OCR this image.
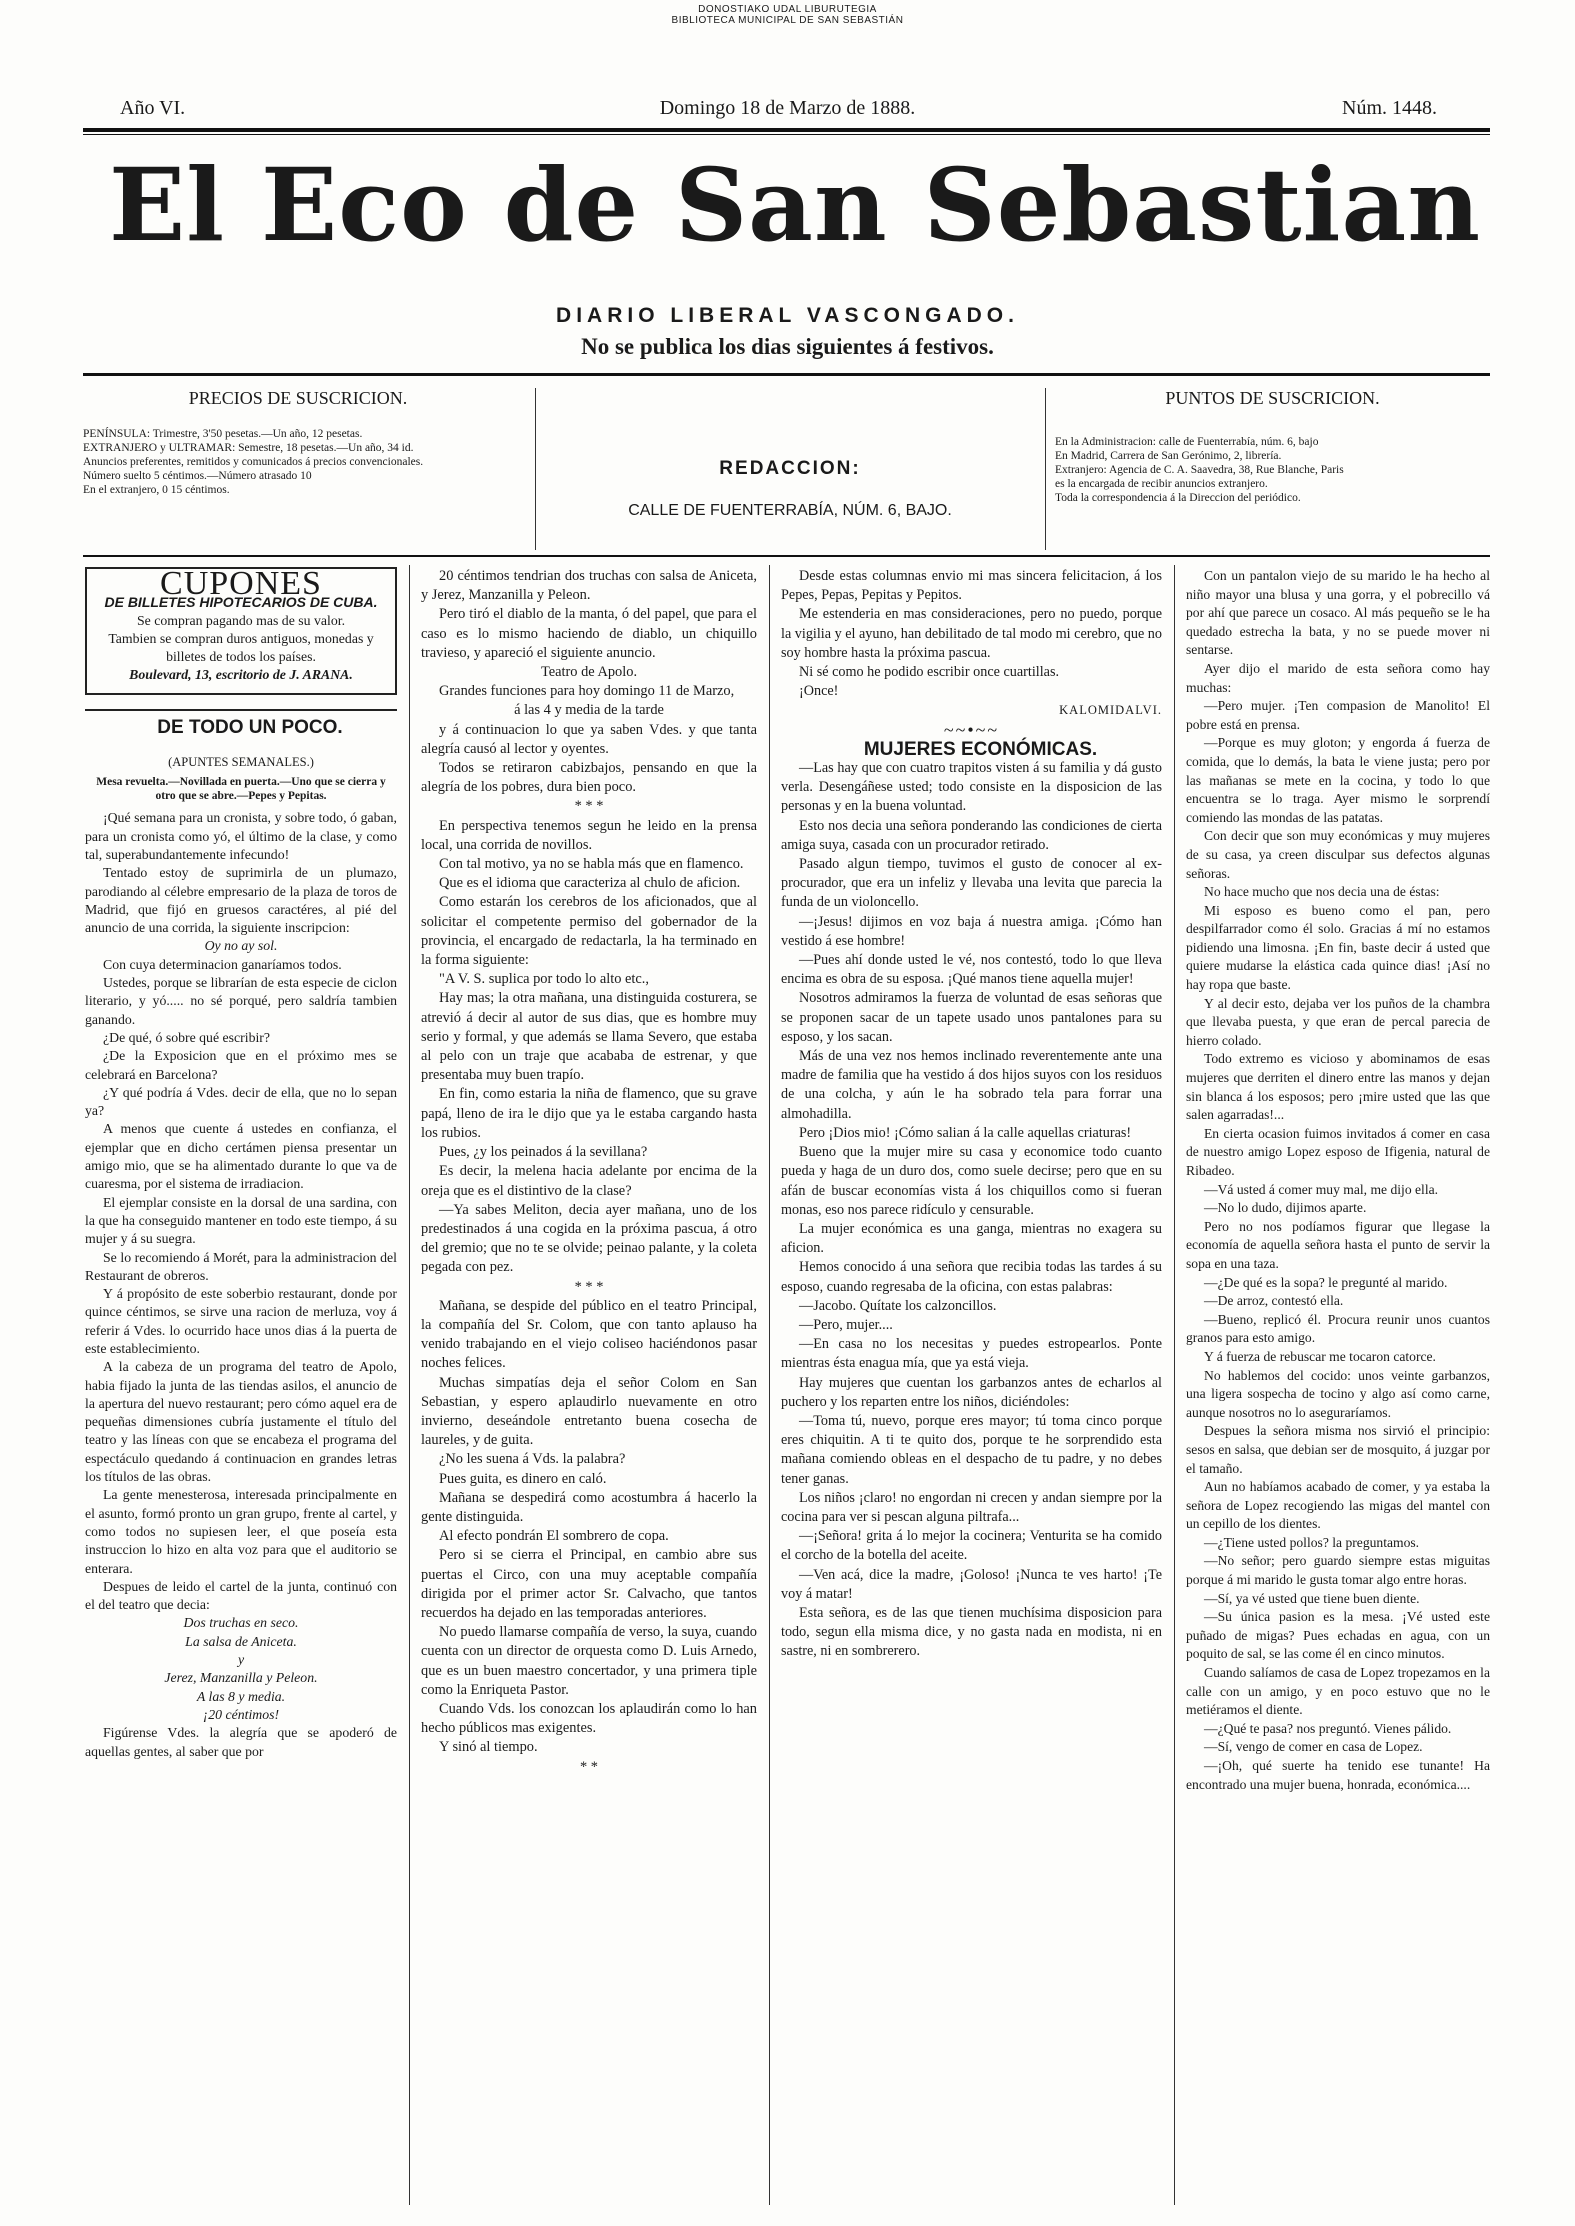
DONOSTIAKO UDAL LIBURUTEGIA
BIBLIOTECA MUNICIPAL DE SAN SEBASTIÁN
Año VI.	Domingo 18 de Marzo de 1888.	Núm. 1448.
El Eco de San Sebastian
DIARIO LIBERAL VASCONGADO.
No se publica los dias siguientes á festivos.
PRECIOS DE SUSCRICION.
PENÍNSULA: Trimestre, 3'50 pesetas.—Un año, 12 pesetas.
EXTRANJERO y ULTRAMAR: Semestre, 18 pesetas.—Un año, 34 id.
Anuncios preferentes, remitidos y comunicados á precios convencionales.
Número suelto 5 céntimos.—Número atrasado 10
En el extranjero, 0 15 céntimos.
REDACCION:
CALLE DE FUENTERRABÍA, NÚM. 6, BAJO.
PUNTOS DE SUSCRICION.
En la Administracion: calle de Fuenterrabía, núm. 6, bajo
En Madrid, Carrera de San Gerónimo, 2, librería.
Extranjero: Agencia de C. A. Saavedra, 38, Rue Blanche, Paris
es la encargada de recibir anuncios extranjero.
Toda la correspondencia á la Direccion del periódico.
CUPONES
DE BILLETES HIPOTECARIOS DE CUBA.

Se compran pagando mas de su valor.

Tambien se compran duros antiguos, monedas y billetes de todos los países.

Boulevard, 13, escritorio de J. ARANA.

DE TODO UN POCO.

(APUNTES SEMANALES.)

Mesa revuelta.—Novillada en puerta.—Uno que se cierra y otro que se abre.—Pepes y Pepitas.

¡Qué semana para un cronista, y sobre todo, ó gaban, para un cronista como yó, el último de la clase, y como tal, superabundantemente infecundo!

Tentado estoy de suprimirla de un plumazo, parodiando al célebre empresario de la plaza de toros de Madrid, que fijó en gruesos caractéres, al pié del anuncio de una corrida, la siguiente inscripcion:

Oy no ay sol.

Con cuya determinacion ganaríamos todos.

Ustedes, porque se librarían de esta especie de ciclon literario, y yó..... no sé porqué, pero saldría tambien ganando.

¿De qué, ó sobre qué escribir?

¿De la Exposicion que en el próximo mes se celebrará en Barcelona?

¿Y qué podría á Vdes. decir de ella, que no lo sepan ya?

A menos que cuente á ustedes en confianza, el ejemplar que en dicho certámen piensa presentar un amigo mio, que se ha alimentado durante lo que va de cuaresma, por el sistema de irradiacion.

El ejemplar consiste en la dorsal de una sardina, con la que ha conseguido mantener en todo este tiempo, á su mujer y á su suegra.

Se lo recomiendo á Morét, para la administracion del Restaurant de obreros.

Y á propósito de este soberbio restaurant, donde por quince céntimos, se sirve una racion de merluza, voy á referir á Vdes. lo ocurrido hace unos dias á la puerta de este establecimiento.

A la cabeza de un programa del teatro de Apolo, habia fijado la junta de las tiendas asilos, el anuncio de la apertura del nuevo restaurant; pero cómo aquel era de pequeñas dimensiones cubría justamente el título del teatro y las líneas con que se encabeza el programa del espectáculo quedando á continuacion en grandes letras los títulos de las obras.

La gente menesterosa, interesada principalmente en el asunto, formó pronto un gran grupo, frente al cartel, y como todos no supiesen leer, el que poseía esta instruccion lo hizo en alta voz para que el auditorio se enterara.

Despues de leido el cartel de la junta, continuó con el del teatro que decia:

Dos truchas en seco.

La salsa de Aniceta.

y

Jerez, Manzanilla y Peleon.

A las 8 y media.

¡20 céntimos!

Figúrense Vdes. la alegría que se apoderó de aquellas gentes, al saber que por

20 céntimos tendrian dos truchas con salsa de Aniceta, y Jerez, Manzanilla y Peleon.

Pero tiró el diablo de la manta, ó del papel, que para el caso es lo mismo haciendo de diablo, un chiquillo travieso, y apareció el siguiente anuncio.

Teatro de Apolo.

Grandes funciones para hoy domingo 11 de Marzo,

á las 4 y media de la tarde

y á continuacion lo que ya saben Vdes. y que tanta alegría causó al lector y oyentes.

Todos se retiraron cabizbajos, pensando en que la alegría de los pobres, dura bien poco.

* * *

En perspectiva tenemos segun he leido en la prensa local, una corrida de novillos.

Con tal motivo, ya no se habla más que en flamenco.

Que es el idioma que caracteriza al chulo de aficion.

Como estarán los cerebros de los aficionados, que al solicitar el competente permiso del gobernador de la provincia, el encargado de redactarla, la ha terminado en la forma siguiente:

"A V. S. suplica por todo lo alto etc.,

Hay mas; la otra mañana, una distinguida costurera, se atrevió á decir al autor de sus dias, que es hombre muy serio y formal, y que además se llama Severo, que estaba al pelo con un traje que acababa de estrenar, y que presentaba muy buen trapío.

En fin, como estaria la niña de flamenco, que su grave papá, lleno de ira le dijo que ya le estaba cargando hasta los rubios.

Pues, ¿y los peinados á la sevillana?

Es decir, la melena hacia adelante por encima de la oreja que es el distintivo de la clase?

—Ya sabes Meliton, decia ayer mañana, uno de los predestinados á una cogida en la próxima pascua, á otro del gremio; que no te se olvide; peinao palante, y la coleta pegada con pez.

* * *

Mañana, se despide del público en el teatro Principal, la compañía del Sr. Colom, que con tanto aplauso ha venido trabajando en el viejo coliseo haciéndonos pasar noches felices.

Muchas simpatías deja el señor Colom en San Sebastian, y espero aplaudirlo nuevamente en otro invierno, deseándole entretanto buena cosecha de laureles, y de guita.

¿No les suena á Vds. la palabra?

Pues guita, es dinero en caló.

Mañana se despedirá como acostumbra á hacerlo la gente distinguida.

Al efecto pondrán El sombrero de copa.

Pero si se cierra el Principal, en cambio abre sus puertas el Circo, con una muy aceptable compañía dirigida por el primer actor Sr. Calvacho, que tantos recuerdos ha dejado en las temporadas anteriores.

No puedo llamarse compañía de verso, la suya, cuando cuenta con un director de orquesta como D. Luis Arnedo, que es un buen maestro concertador, y una primera tiple como la Enriqueta Pastor.

Cuando Vds. los conozcan los aplaudirán como lo han hecho públicos mas exigentes.

Y sinó al tiempo.

* *

Desde estas columnas envio mi mas sincera felicitacion, á los Pepes, Pepas, Pepitas y Pepitos.

Me estenderia en mas consideraciones, pero no puedo, porque la vigilia y el ayuno, han debilitado de tal modo mi cerebro, que no soy hombre hasta la próxima pascua.

Ni sé como he podido escribir once cuartillas.

¡Once!

KALOMIDALVI.

~~•~~

MUJERES ECONÓMICAS.

—Las hay que con cuatro trapitos visten á su familia y dá gusto verla. Desengáñese usted; todo consiste en la disposicion de las personas y en la buena voluntad.

Esto nos decia una señora ponderando las condiciones de cierta amiga suya, casada con un procurador retirado.

Pasado algun tiempo, tuvimos el gusto de conocer al ex-procurador, que era un infeliz y llevaba una levita que parecia la funda de un violoncello.

—¡Jesus! dijimos en voz baja á nuestra amiga. ¡Cómo han vestido á ese hombre!

—Pues ahí donde usted le vé, nos contestó, todo lo que lleva encima es obra de su esposa. ¡Qué manos tiene aquella mujer!

Nosotros admiramos la fuerza de voluntad de esas señoras que se proponen sacar de un tapete usado unos pantalones para su esposo, y los sacan.

Más de una vez nos hemos inclinado reverentemente ante una madre de familia que ha vestido á dos hijos suyos con los residuos de una colcha, y aún le ha sobrado tela para forrar una almohadilla.

Pero ¡Dios mio! ¡Cómo salian á la calle aquellas criaturas!

Bueno que la mujer mire su casa y economice todo cuanto pueda y haga de un duro dos, como suele decirse; pero que en su afán de buscar economías vista á los chiquillos como si fueran monas, eso nos parece ridículo y censurable.

La mujer económica es una ganga, mientras no exagera su aficion.

Hemos conocido á una señora que recibia todas las tardes á su esposo, cuando regresaba de la oficina, con estas palabras:

—Jacobo. Quítate los calzoncillos.

—Pero, mujer....

—En casa no los necesitas y puedes estropearlos. Ponte mientras ésta enagua mía, que ya está vieja.

Hay mujeres que cuentan los garbanzos antes de echarlos al puchero y los reparten entre los niños, diciéndoles:

—Toma tú, nuevo, porque eres mayor; tú toma cinco porque eres chiquitin. A ti te quito dos, porque te he sorprendido esta mañana comiendo obleas en el despacho de tu padre, y no debes tener ganas.

Los niños ¡claro! no engordan ni crecen y andan siempre por la cocina para ver si pescan alguna piltrafa...

—¡Señora! grita á lo mejor la cocinera; Venturita se ha comido el corcho de la botella del aceite.

—Ven acá, dice la madre, ¡Goloso! ¡Nunca te ves harto! ¡Te voy á matar!

Esta señora, es de las que tienen muchísima disposicion para todo, segun ella misma dice, y no gasta nada en modista, ni en sastre, ni en sombrerero.

Con un pantalon viejo de su marido le ha hecho al niño mayor una blusa y una gorra, y el pobrecillo vá por ahí que parece un cosaco. Al más pequeño se le ha quedado estrecha la bata, y no se puede mover ni sentarse.

Ayer dijo el marido de esta señora como hay muchas:

—Pero mujer. ¡Ten compasion de Manolito! El pobre está en prensa.

—Porque es muy gloton; y engorda á fuerza de comida, que lo demás, la bata le viene justa; pero por las mañanas se mete en la cocina, y todo lo que encuentra se lo traga. Ayer mismo le sorprendí comiendo las mondas de las patatas.

Con decir que son muy económicas y muy mujeres de su casa, ya creen disculpar sus defectos algunas señoras.

No hace mucho que nos decia una de éstas:

Mi esposo es bueno como el pan, pero despilfarrador como él solo. Gracias á mí no estamos pidiendo una limosna. ¡En fin, baste decir á usted que quiere mudarse la elástica cada quince dias! ¡Así no hay ropa que baste.

Y al decir esto, dejaba ver los puños de la chambra que llevaba puesta, y que eran de percal parecia de hierro colado.

Todo extremo es vicioso y abominamos de esas mujeres que derriten el dinero entre las manos y dejan sin blanca á los esposos; pero ¡mire usted que las que salen agarradas!...

En cierta ocasion fuimos invitados á comer en casa de nuestro amigo Lopez esposo de Ifigenia, natural de Ribadeo.

—Vá usted á comer muy mal, me dijo ella.

—No lo dudo, dijimos aparte.

Pero no nos podíamos figurar que llegase la economía de aquella señora hasta el punto de servir la sopa en una taza.

—¿De qué es la sopa? le pregunté al marido.

—De arroz, contestó ella.

—Bueno, replicó él. Procura reunir unos cuantos granos para esto amigo.

Y á fuerza de rebuscar me tocaron catorce.

No hablemos del cocido: unos veinte garbanzos, una ligera sospecha de tocino y algo así como carne, aunque nosotros no lo aseguraríamos.

Despues la señora misma nos sirvió el principio: sesos en salsa, que debian ser de mosquito, á juzgar por el tamaño.

Aun no habíamos acabado de comer, y ya estaba la señora de Lopez recogiendo las migas del mantel con un cepillo de los dientes.

—¿Tiene usted pollos? la preguntamos.

—No señor; pero guardo siempre estas miguitas porque á mi marido le gusta tomar algo entre horas.

—Sí, ya vé usted que tiene buen diente.

—Su única pasion es la mesa. ¡Vé usted este puñado de migas? Pues echadas en agua, con un poquito de sal, se las come él en cinco minutos.

Cuando salíamos de casa de Lopez tropezamos en la calle con un amigo, y en poco estuvo que no le metiéramos el diente.

—¿Qué te pasa? nos preguntó. Vienes pálido.

—Sí, vengo de comer en casa de Lopez.

—¡Oh, qué suerte ha tenido ese tunante! Ha encontrado una mujer buena, honrada, económica....
